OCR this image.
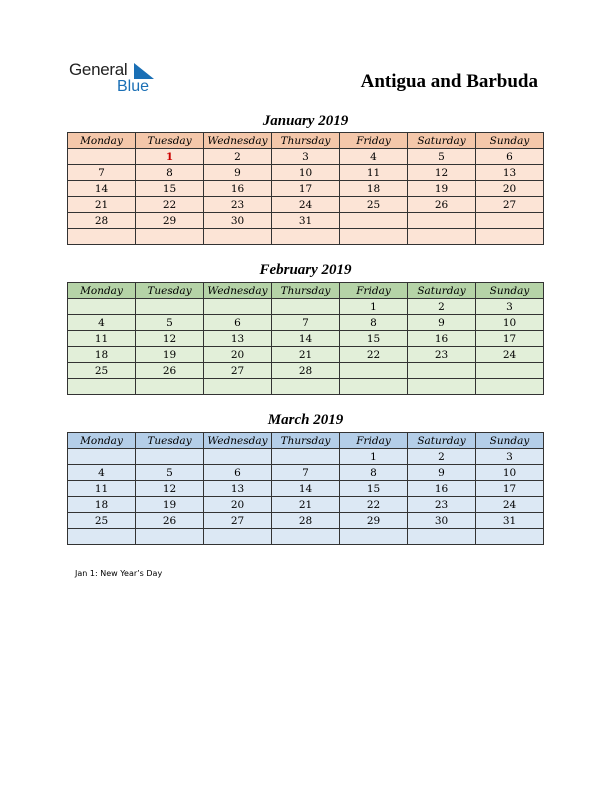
General
Blue	Antigua and Barbuda
January 2019
Monday	Tuesday	Wednesday	Thursday	Friday	Saturday	Sunday
	1	2	3	4	5	6
7	8	9	10	11	12	13
14	15	16	17	18	19	20
21	22	23	24	25	26	27
28	29	30	31			

February 2019
Monday	Tuesday	Wednesday	Thursday	Friday	Saturday	Sunday
				1	2	3
4	5	6	7	8	9	10
11	12	13	14	15	16	17
18	19	20	21	22	23	24
25	26	27	28			

March 2019
Monday	Tuesday	Wednesday	Thursday	Friday	Saturday	Sunday
				1	2	3
4	5	6	7	8	9	10
11	12	13	14	15	16	17
18	19	20	21	22	23	24
25	26	27	28	29	30	31

Jan 1: New Year’s Day
